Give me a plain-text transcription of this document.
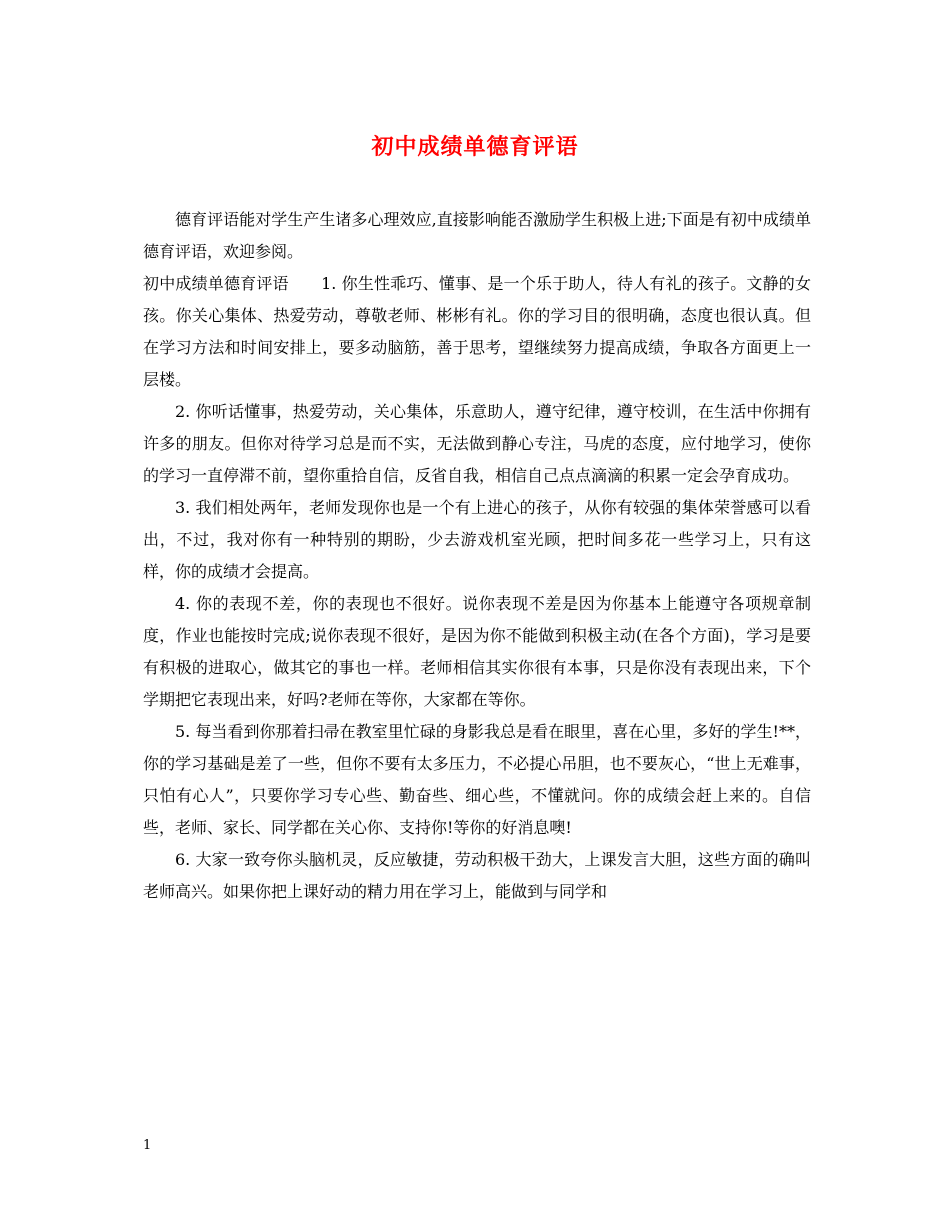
初中成绩单德育评语

德育评语能对学生产生诸多心理效应,直接影响能否激励学生积极上进;下面是有初中成绩单德育评语，欢迎参阅。

初中成绩单德育评语　　1. 你生性乖巧、懂事、是一个乐于助人，待人有礼的孩子。文静的女孩。你关心集体、热爱劳动，尊敬老师、彬彬有礼。你的学习目的很明确，态度也很认真。但在学习方法和时间安排上，要多动脑筋，善于思考，望继续努力提高成绩，争取各方面更上一层楼。

2. 你听话懂事，热爱劳动，关心集体，乐意助人，遵守纪律，遵守校训，在生活中你拥有许多的朋友。但你对待学习总是而不实，无法做到静心专注，马虎的态度，应付地学习，使你的学习一直停滞不前，望你重拾自信，反省自我，相信自己点点滴滴的积累一定会孕育成功。

3. 我们相处两年，老师发现你也是一个有上进心的孩子，从你有较强的集体荣誉感可以看出，不过，我对你有一种特别的期盼，少去游戏机室光顾，把时间多花一些学习上，只有这样，你的成绩才会提高。

4. 你的表现不差，你的表现也不很好。说你表现不差是因为你基本上能遵守各项规章制度，作业也能按时完成;说你表现不很好，是因为你不能做到积极主动(在各个方面)，学习是要有积极的进取心，做其它的事也一样。老师相信其实你很有本事，只是你没有表现出来，下个学期把它表现出来，好吗?老师在等你，大家都在等你。

5. 每当看到你那着扫帚在教室里忙碌的身影我总是看在眼里，喜在心里，多好的学生!**，你的学习基础是差了一些，但你不要有太多压力，不必提心吊胆，也不要灰心，“世上无难事，只怕有心人”，只要你学习专心些、勤奋些、细心些，不懂就问。你的成绩会赶上来的。自信些，老师、家长、同学都在关心你、支持你!等你的好消息噢!

6. 大家一致夸你头脑机灵，反应敏捷，劳动积极干劲大，上课发言大胆，这些方面的确叫老师高兴。如果你把上课好动的精力用在学习上，能做到与同学和

1
